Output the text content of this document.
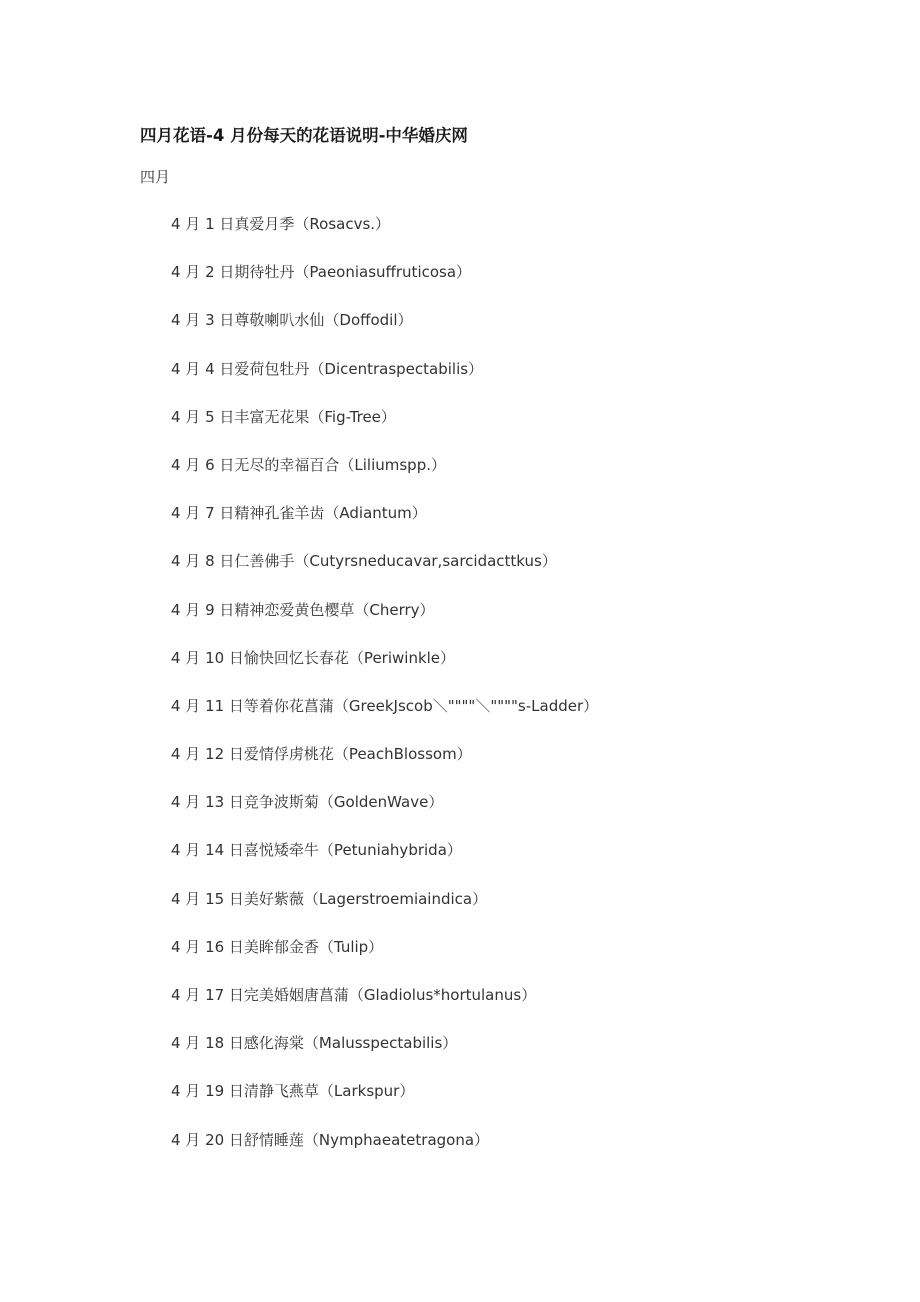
四月花语-4 月份每天的花语说明-中华婚庆网
四月
4 月 1 日真爱月季（Rosacvs.）
4 月 2 日期待牡丹（Paeoniasuffruticosa）
4 月 3 日尊敬喇叭水仙（Doffodil）
4 月 4 日爱荷包牡丹（Dicentraspectabilis）
4 月 5 日丰富无花果（Fig-Tree）
4 月 6 日无尽的幸福百合（Liliumspp.）
4 月 7 日精神孔雀羊齿（Adiantum）
4 月 8 日仁善佛手（Cutyrsneducavar,sarcidacttkus）
4 月 9 日精神恋爱黄色樱草（Cherry）
4 月 10 日愉快回忆长春花（Periwinkle）
4 月 11 日等着你花菖蒲（GreekJscob＼""""＼""""s-Ladder）
4 月 12 日爱情俘虏桃花（PeachBlossom）
4 月 13 日竞争波斯菊（GoldenWave）
4 月 14 日喜悦矮牵牛（Petuniahybrida）
4 月 15 日美好紫薇（Lagerstroemiaindica）
4 月 16 日美眸郁金香（Tulip）
4 月 17 日完美婚姻唐菖蒲（Gladiolus*hortulanus）
4 月 18 日感化海棠（Malusspectabilis）
4 月 19 日清静飞燕草（Larkspur）
4 月 20 日舒情睡莲（Nymphaeatetragona）
